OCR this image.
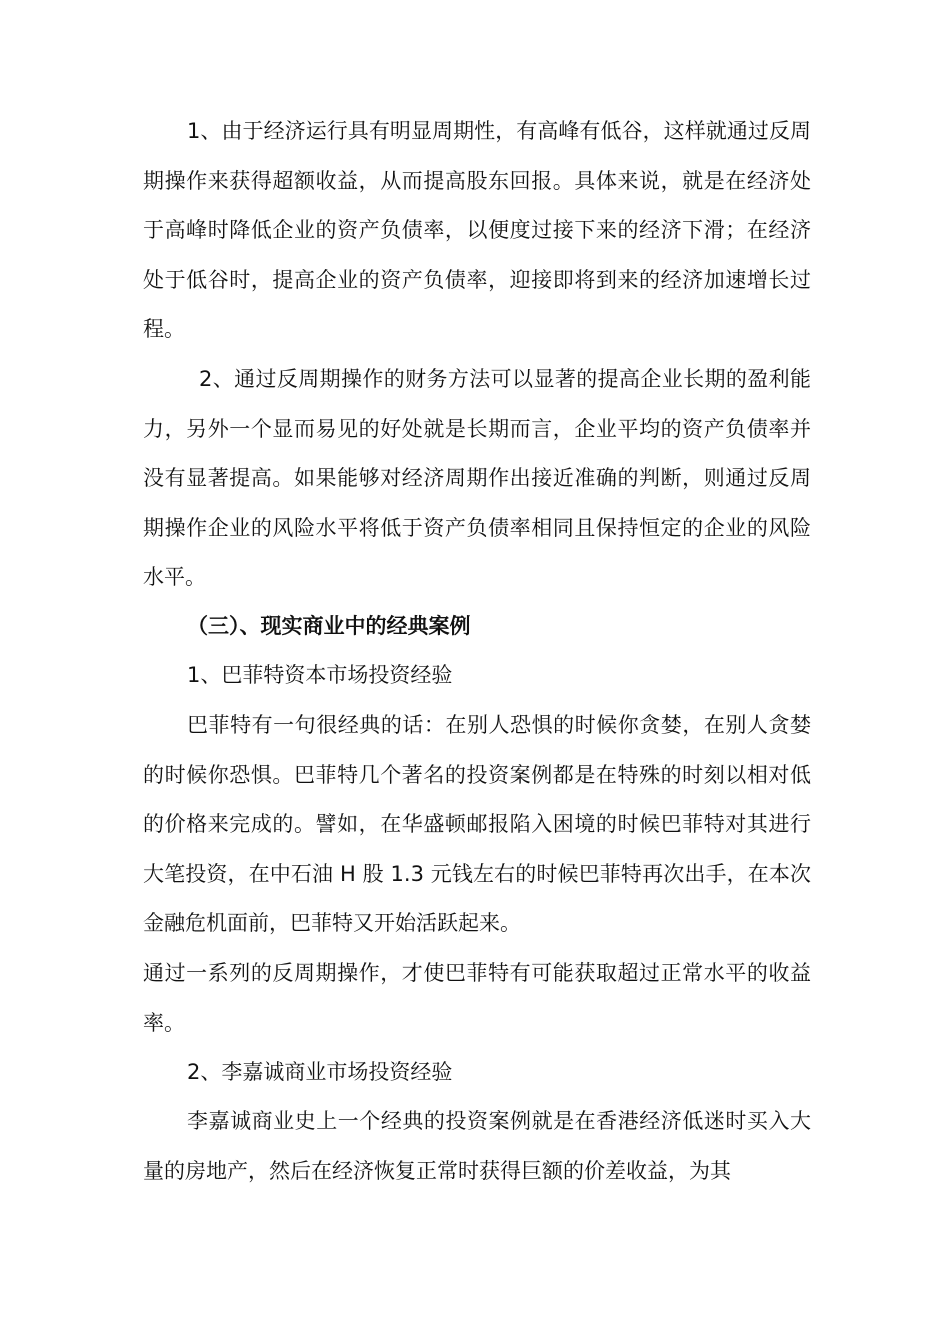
1、由于经济运行具有明显周期性，有高峰有低谷，这样就通过反周期操作来获得超额收益，从而提高股东回报。具体来说，就是在经济处于高峰时降低企业的资产负债率，以便度过接下来的经济下滑；在经济处于低谷时，提高企业的资产负债率，迎接即将到来的经济加速增长过程。

2、通过反周期操作的财务方法可以显著的提高企业长期的盈利能力，另外一个显而易见的好处就是长期而言，企业平均的资产负债率并没有显著提高。如果能够对经济周期作出接近准确的判断，则通过反周期操作企业的风险水平将低于资产负债率相同且保持恒定的企业的风险水平。

（三）、现实商业中的经典案例

1、巴菲特资本市场投资经验

巴菲特有一句很经典的话：在别人恐惧的时候你贪婪，在别人贪婪的时候你恐惧。巴菲特几个著名的投资案例都是在特殊的时刻以相对低的价格来完成的。譬如，在华盛顿邮报陷入困境的时候巴菲特对其进行大笔投资，在中石油 H 股 1.3 元钱左右的时候巴菲特再次出手，在本次金融危机面前，巴菲特又开始活跃起来。

通过一系列的反周期操作，才使巴菲特有可能获取超过正常水平的收益率。

2、李嘉诚商业市场投资经验

李嘉诚商业史上一个经典的投资案例就是在香港经济低迷时买入大量的房地产，然后在经济恢复正常时获得巨额的价差收益，为其
